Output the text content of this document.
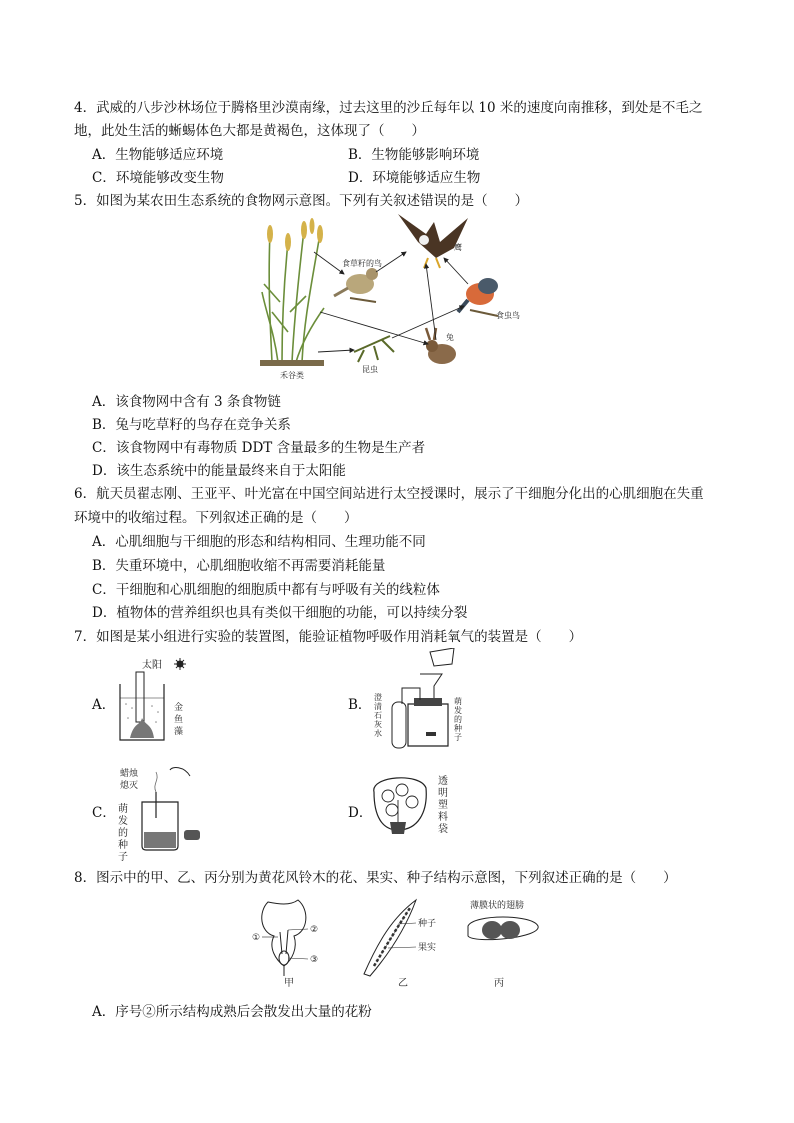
4．武威的八步沙林场位于腾格里沙漠南缘，过去这里的沙丘每年以 10 米的速度向南推移，到处是不毛之
地，此处生活的蜥蜴体色大都是黄褐色，这体现了（　　）
A．生物能够适应环境	B．生物能够影响环境
C．环境能够改变生物	D．环境能够适应生物
5．如图为某农田生态系统的食物网示意图。下列有关叙述错误的是（　　）
禾谷类
食草籽的鸟
鹰
食虫鸟
兔
昆虫
A．该食物网中含有 3 条食物链
B．兔与吃草籽的鸟存在竞争关系
C．该食物网中有毒物质 DDT 含量最多的生物是生产者
D．该生态系统中的能量最终来自于太阳能
6．航天员翟志刚、王亚平、叶光富在中国空间站进行太空授课时，展示了干细胞分化出的心肌细胞在失重
环境中的收缩过程。下列叙述正确的是（　　）
A．心肌细胞与干细胞的形态和结构相同、生理功能不同
B．失重环境中，心肌细胞收缩不再需要消耗能量
C．干细胞和心肌细胞的细胞质中都有与呼吸有关的线粒体
D．植物体的营养组织也具有类似干细胞的功能，可以持续分裂
7．如图是某小组进行实验的装置图，能验证植物呼吸作用消耗氧气的装置是（　　）
A．
太阳
金鱼藻
B． 澄清石灰水
萌发的种子
C．
蜡烛
熄灭
萌发的种子
D．
透明塑料袋
8．图示中的甲、乙、丙分别为黄花风铃木的花、果实、种子结构示意图，下列叙述正确的是（　　）
①
②
③
甲
种子
果实
乙
薄膜状的翅膀
丙
A．序号②所示结构成熟后会散发出大量的花粉
